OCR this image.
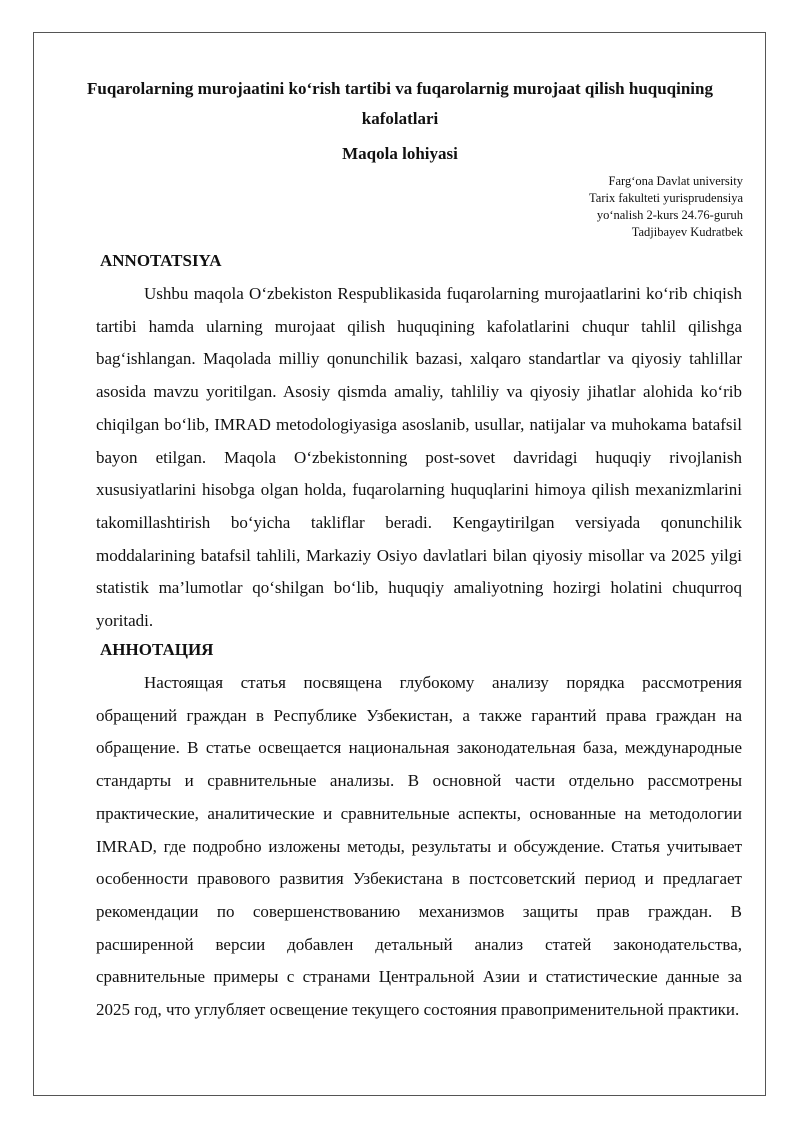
Fuqarolarning murojaatini ko‘rish tartibi va fuqarolarnig murojaat qilish huquqining kafolatlari
Maqola lohiyasi
Farg‘ona Davlat university
Tarix fakulteti yurisprudensiya
yo‘nalish 2-kurs 24.76-guruh
Tadjibayev Kudratbek
ANNOTATSIYA

Ushbu maqola O‘zbekiston Respublikasida fuqarolarning murojaatlarini ko‘rib chiqish tartibi hamda ularning murojaat qilish huquqining kafolatlarini chuqur tahlil qilishga bag‘ishlangan. Maqolada milliy qonunchilik bazasi, xalqaro standartlar va qiyosiy tahlillar asosida mavzu yoritilgan. Asosiy qismda amaliy, tahliliy va qiyosiy jihatlar alohida ko‘rib chiqilgan bo‘lib, IMRAD metodologiyasiga asoslanib, usullar, natijalar va muhokama batafsil bayon etilgan. Maqola O‘zbekistonning post-sovet davridagi huquqiy rivojlanish xususiyatlarini hisobga olgan holda, fuqarolarning huquqlarini himoya qilish mexanizmlarini takomillashtirish bo‘yicha takliflar beradi. Kengaytirilgan versiyada qonunchilik moddalarining batafsil tahlili, Markaziy Osiyo davlatlari bilan qiyosiy misollar va 2025 yilgi statistik ma’lumotlar qo‘shilgan bo‘lib, huquqiy amaliyotning hozirgi holatini chuqurroq yoritadi.

АННОТАЦИЯ

Настоящая статья посвящена глубокому анализу порядка рассмотрения обращений граждан в Республике Узбекистан, а также гарантий права граждан на обращение. В статье освещается национальная законодательная база, международные стандарты и сравнительные анализы. В основной части отдельно рассмотрены практические, аналитические и сравнительные аспекты, основанные на методологии IMRAD, где подробно изложены методы, результаты и обсуждение. Статья учитывает особенности правового развития Узбекистана в постсоветский период и предлагает рекомендации по совершенствованию механизмов защиты прав граждан. В расширенной версии добавлен детальный анализ статей законодательства, сравнительные примеры с странами Центральной Азии и статистические данные за 2025 год, что углубляет освещение текущего состояния правоприменительной практики.
